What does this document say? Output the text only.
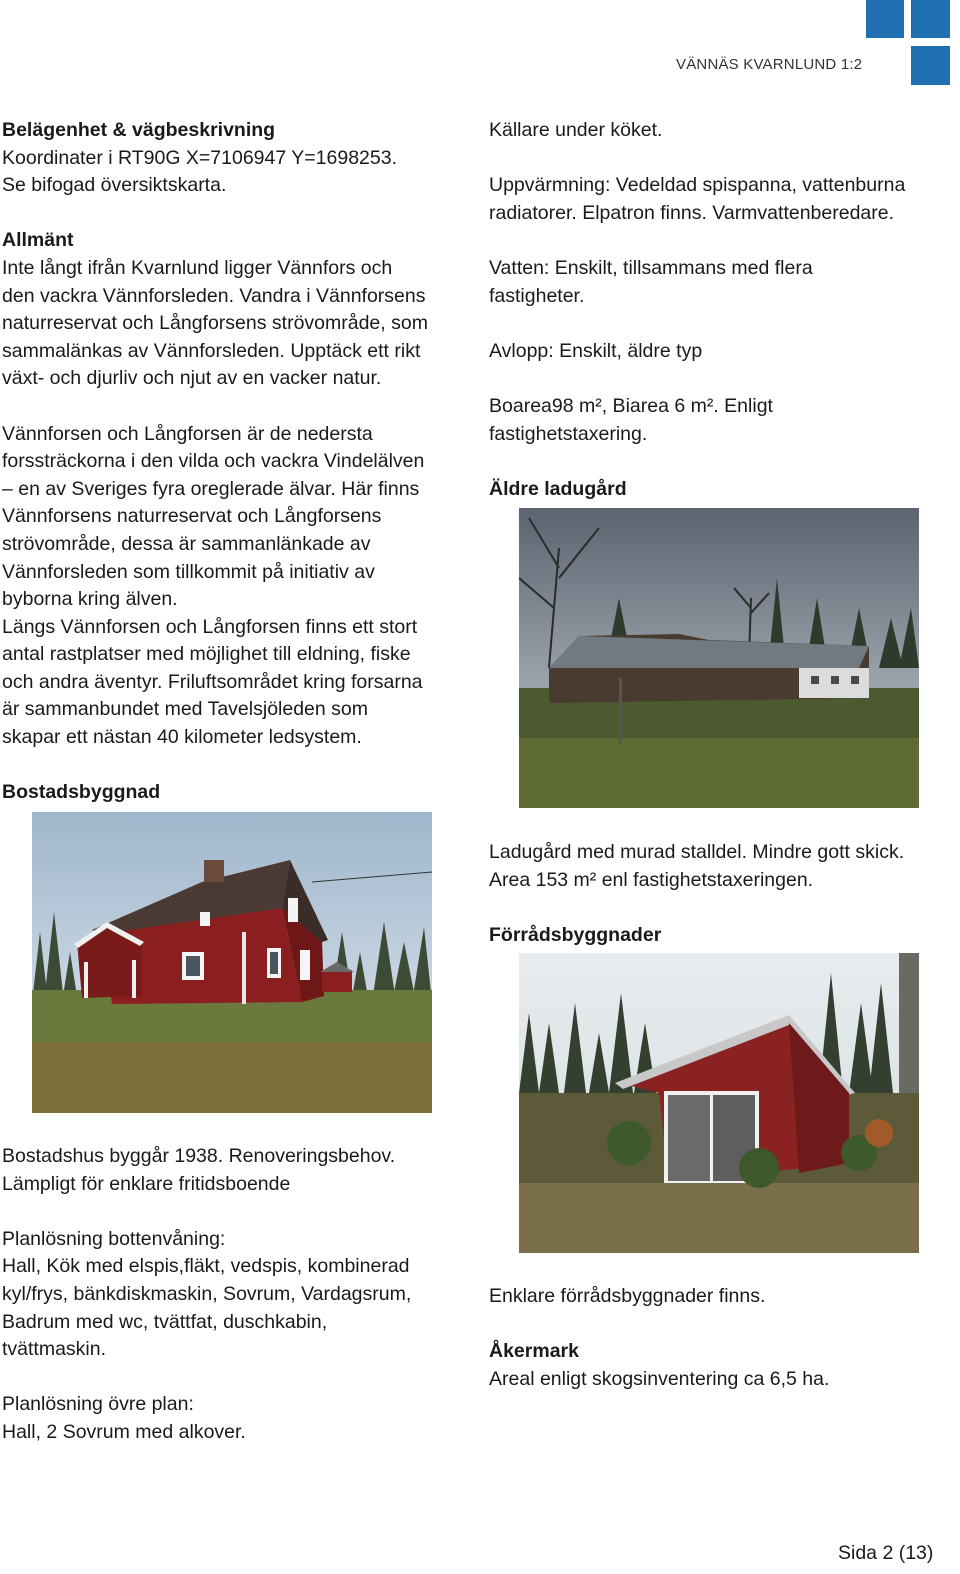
VÄNNÄS KVARNLUND 1:2

Belägenhet & vägbeskrivning

Koordinater i RT90G X=7106947 Y=1698253.

Se bifogad översiktskarta.

Allmänt

Inte långt ifrån Kvarnlund ligger Vännfors och

den vackra Vännforsleden. Vandra i Vännforsens

naturreservat och Långforsens strövområde, som

sammalänkas av Vännforsleden. Upptäck ett rikt

växt- och djurliv och njut av en vacker natur.

Vännforsen och Långforsen är de nedersta

forssträckorna i den vilda och vackra Vindelälven

– en av Sveriges fyra oreglerade älvar. Här finns

Vännforsens naturreservat och Långforsens

strövområde, dessa är sammanlänkade av

Vännforsleden som tillkommit på initiativ av

byborna kring älven.

Längs Vännforsen och Långforsen finns ett stort

antal rastplatser med möjlighet till eldning, fiske

och andra äventyr. Friluftsområdet kring forsarna

är sammanbundet med Tavelsjöleden som

skapar ett nästan 40 kilometer ledsystem.

Bostadsbyggnad

Bostadshus byggår 1938. Renoveringsbehov.

Lämpligt för enklare fritidsboende

Planlösning bottenvåning:

Hall, Kök med elspis,fläkt, vedspis, kombinerad

kyl/frys, bänkdiskmaskin, Sovrum, Vardagsrum,

Badrum med wc, tvättfat, duschkabin,

tvättmaskin.

Planlösning övre plan:

Hall, 2 Sovrum med alkover.

Källare under köket.

Uppvärmning: Vedeldad spispanna, vattenburna

radiatorer. Elpatron finns. Varmvattenberedare.

Vatten: Enskilt, tillsammans med flera

fastigheter.

Avlopp: Enskilt, äldre typ

Boarea98 m², Biarea 6 m². Enligt

fastighetstaxering.

Äldre ladugård

Ladugård med murad stalldel. Mindre gott skick.

Area 153 m² enl fastighetstaxeringen.

Förrådsbyggnader

Enklare förrådsbyggnader finns.

Åkermark

Areal enligt skogsinventering ca 6,5 ha.

Sida 2 (13)
